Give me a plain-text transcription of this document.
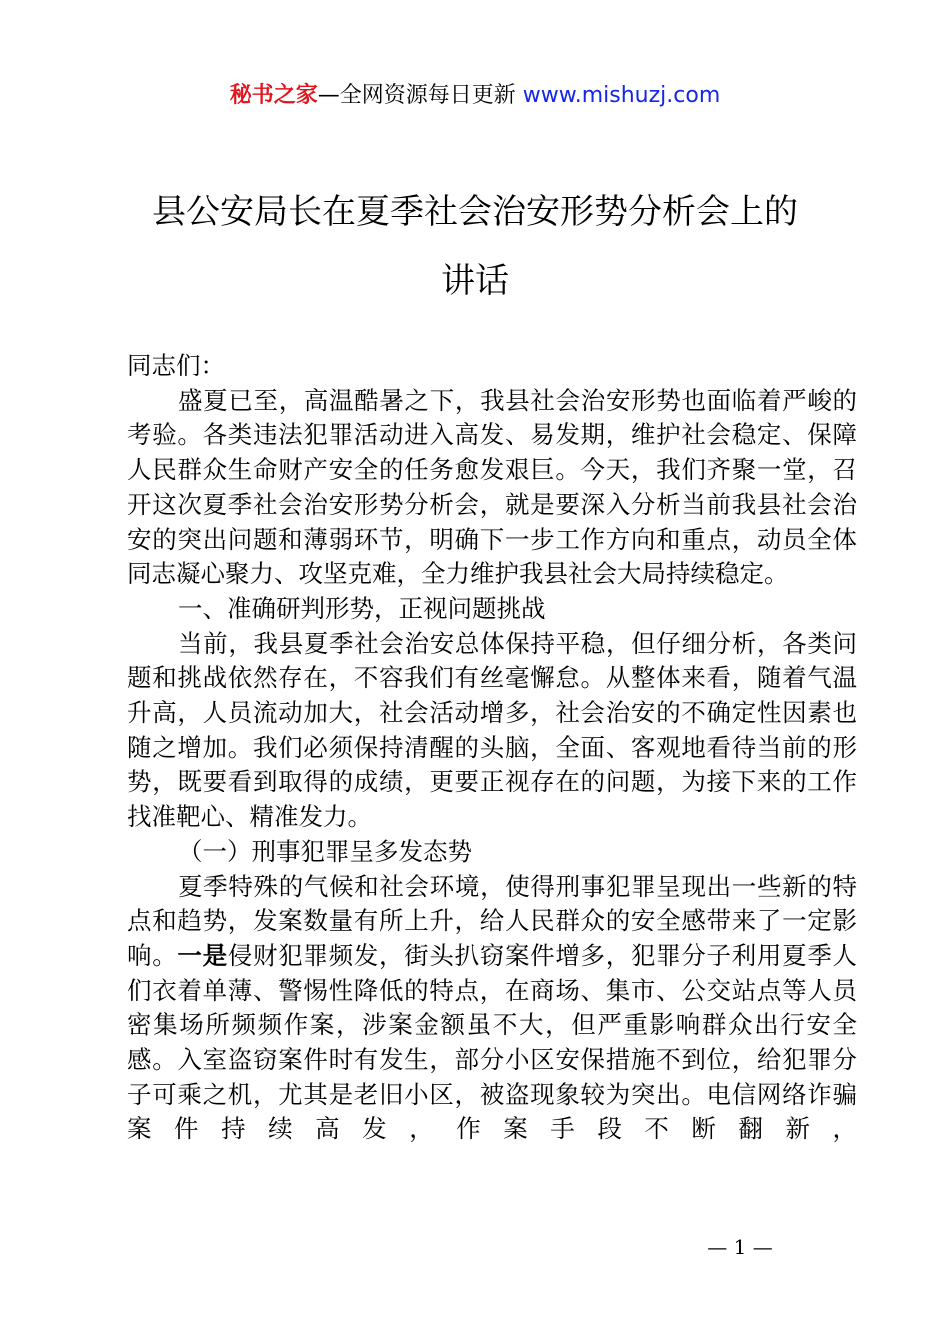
秘书之家—全网资源每日更新 www.mishuzj.com
县公安局长在夏季社会治安形势分析会上的
讲话

同志们：

盛夏已至，高温酷暑之下，我县社会治安形势也面临着严峻的考验。各类违法犯罪活动进入高发、易发期，维护社会稳定、保障人民群众生命财产安全的任务愈发艰巨。今天，我们齐聚一堂，召开这次夏季社会治安形势分析会，就是要深入分析当前我县社会治安的突出问题和薄弱环节，明确下一步工作方向和重点，动员全体同志凝心聚力、攻坚克难，全力维护我县社会大局持续稳定。

一、准确研判形势，正视问题挑战

当前，我县夏季社会治安总体保持平稳，但仔细分析，各类问题和挑战依然存在，不容我们有丝毫懈怠。从整体来看，随着气温升高，人员流动加大，社会活动增多，社会治安的不确定性因素也随之增加。我们必须保持清醒的头脑，全面、客观地看待当前的形势，既要看到取得的成绩，更要正视存在的问题，为接下来的工作找准靶心、精准发力。

（一）刑事犯罪呈多发态势

夏季特殊的气候和社会环境，使得刑事犯罪呈现出一些新的特点和趋势，发案数量有所上升，给人民群众的安全感带来了一定影响。一是侵财犯罪频发，街头扒窃案件增多，犯罪分子利用夏季人们衣着单薄、警惕性降低的特点，在商场、集市、公交站点等人员密集场所频频作案，涉案金额虽不大，但严重影响群众出行安全感。入室盗窃案件时有发生，部分小区安保措施不到位，给犯罪分子可乘之机，尤其是老旧小区，被盗现象较为突出。电信网络诈骗案件持续高发，作案手段不断翻新，

— 1 —
